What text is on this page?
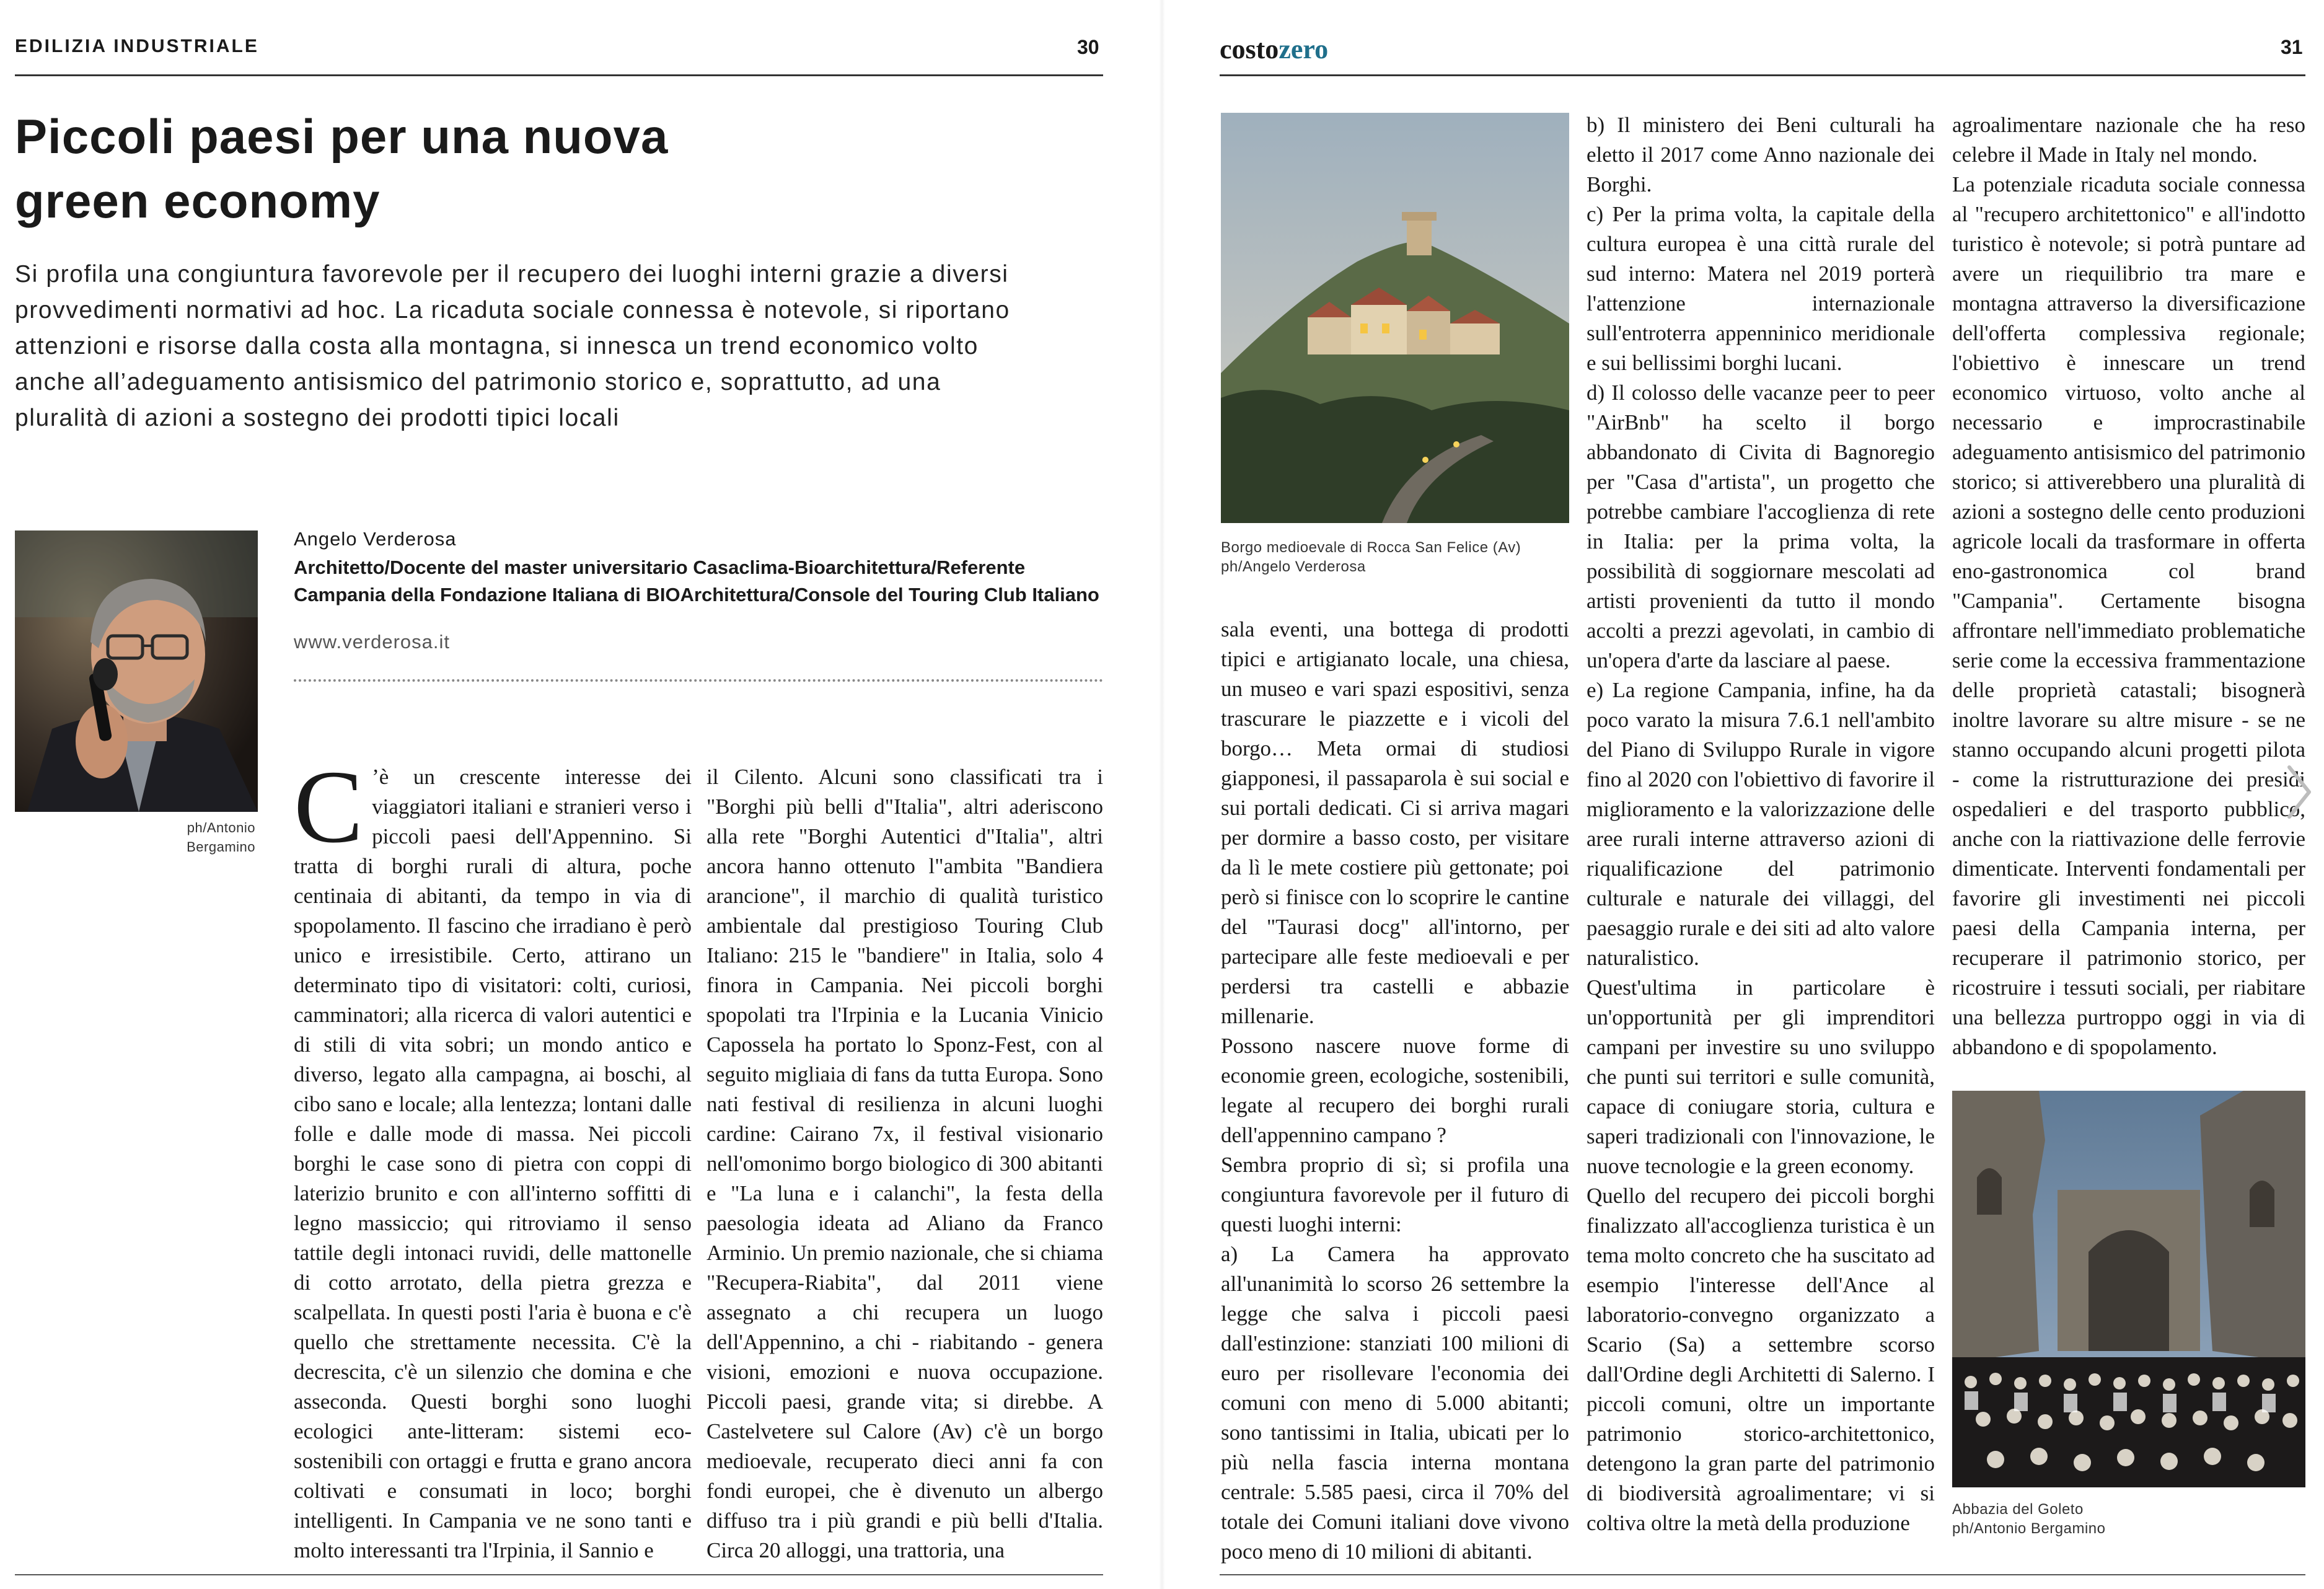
EDILIZIA INDUSTRIALE	30
Piccoli paesi per una nuova
green economy
Si profila una congiuntura favorevole per il recupero dei luoghi interni grazie a diversi provvedimenti normativi ad hoc. La ricaduta sociale connessa è notevole, si riportano attenzioni e risorse dalla costa alla montagna, si innesca un trend economico volto anche all’adeguamento antisismico del patrimonio storico e, soprattutto, ad una pluralità di azioni a sostegno dei prodotti tipici locali
ph/Antonio Bergamino
Angelo Verderosa
Architetto/Docente del master universitario Casaclima-Bioarchitettura/Referente Campania della Fondazione Italiana di BIOArchitettura/Console del Touring Club Italiano
www.verderosa.it
C ’è un crescente interesse dei viaggiatori italiani e stranieri verso i piccoli paesi dell'Appennino. Si tratta di borghi rurali di altura, poche centinaia di abitanti, da tempo in via di spopolamento. Il fascino che irradiano è però unico e irresistibile. Certo, attirano un determinato tipo di visitatori: colti, curiosi, camminatori; alla ricerca di valori autentici e di stili di vita sobri; un mondo antico e diverso, legato alla campagna, ai boschi, al cibo sano e locale; alla lentezza; lontani dalle folle e dalle mode di massa. Nei piccoli borghi le case sono di pietra con coppi di laterizio brunito e con all'interno soffitti di legno massiccio; qui ritroviamo il senso tattile degli intonaci ruvidi, delle mattonelle di cotto arrotato, della pietra grezza e scalpellata. In questi posti l'aria è buona e c'è quello che strettamente necessita. C'è la decrescita, c'è un silenzio che domina e che asseconda. Questi borghi sono luoghi ecologici ante-litteram: sistemi eco-sostenibili con ortaggi e frutta e grano ancora coltivati e consumati in loco; borghi intelligenti. In Campania ve ne sono tanti e molto interessanti tra l'Irpinia, il Sannio e
il Cilento. Alcuni sono classificati tra i "Borghi più belli d"Italia", altri aderiscono alla rete "Borghi Autentici d"Italia", altri ancora hanno ottenuto l"ambita "Bandiera arancione", il marchio di qualità turistico ambientale dal prestigioso Touring Club Italiano: 215 le "bandiere" in Italia, solo 4 finora in Campania. Nei piccoli borghi spopolati tra l'Irpinia e la Lucania Vinicio Capossela ha portato lo Sponz-Fest, con al seguito migliaia di fans da tutta Europa. Sono nati festival di resilienza in alcuni luoghi cardine: Cairano 7x, il festival visionario nell'omonimo borgo biologico di 300 abitanti e "La luna e i calanchi", la festa della paesologia ideata ad Aliano da Franco Arminio. Un premio nazionale, che si chiama "Recupera-Riabita", dal 2011 viene assegnato a chi recupera un luogo dell'Appennino, a chi - riabitando - genera visioni, emozioni e nuova occupazione. Piccoli paesi, grande vita; si direbbe. A Castelvetere sul Calore (Av) c'è un borgo medioevale, recuperato dieci anni fa con fondi europei, che è divenuto un albergo diffuso tra i più grandi e più belli d'Italia. Circa 20 alloggi, una trattoria, una
costozero	31
Borgo medioevale di Rocca San Felice (Av)
ph/Angelo Verderosa

sala eventi, una bottega di prodotti tipici e artigianato locale, una chiesa, un museo e vari spazi espositivi, senza trascurare le piazzette e i vicoli del borgo… Meta ormai di studiosi giapponesi, il passaparola è sui social e sui portali dedicati. Ci si arriva magari per dormire a basso costo, per visitare da lì le mete costiere più gettonate; poi però si finisce con lo scoprire le cantine del "Taurasi docg" all'intorno, per partecipare alle feste medioevali e per perdersi tra castelli e abbazie millenarie.

Possono nascere nuove forme di economie green, ecologiche, sostenibili, legate al recupero dei borghi rurali dell'appennino campano ?

Sembra proprio di sì; si profila una congiuntura favorevole per il futuro di questi luoghi interni:

a) La Camera ha approvato all'unanimità lo scorso 26 settembre la legge che salva i piccoli paesi dall'estinzione: stanziati 100 milioni di euro per risollevare l'economia dei comuni con meno di 5.000 abitanti; sono tantissimi in Italia, ubicati per lo più nella fascia interna montana centrale: 5.585 paesi, circa il 70% del totale dei Comuni italiani dove vivono poco meno di 10 milioni di abitanti.

b) Il ministero dei Beni culturali ha eletto il 2017 come Anno nazionale dei Borghi.

c) Per la prima volta, la capitale della cultura europea è una città rurale del sud interno: Matera nel 2019 porterà l'attenzione internazionale sull'entroterra appenninico meridionale e sui bellissimi borghi lucani.

d) Il colosso delle vacanze peer to peer "AirBnb" ha scelto il borgo abbandonato di Civita di Bagnoregio per "Casa d"artista", un progetto che potrebbe cambiare l'accoglienza di rete in Italia: per la prima volta, la possibilità di soggiornare mescolati ad artisti provenienti da tutto il mondo accolti a prezzi agevolati, in cambio di un'opera d'arte da lasciare al paese.

e) La regione Campania, infine, ha da poco varato la misura 7.6.1 nell'ambito del Piano di Sviluppo Rurale in vigore fino al 2020 con l'obiettivo di favorire il miglioramento e la valorizzazione delle aree rurali interne attraverso azioni di riqualificazione del patrimonio culturale e naturale dei villaggi, del paesaggio rurale e dei siti ad alto valore naturalistico.

Quest'ultima in particolare è un'opportunità per gli imprenditori campani per investire su uno sviluppo che punti sui territori e sulle comunità, capace di coniugare storia, cultura e saperi tradizionali con l'innovazione, le nuove tecnologie e la green economy.

Quello del recupero dei piccoli borghi finalizzato all'accoglienza turistica è un tema molto concreto che ha suscitato ad esempio l'interesse dell'Ance al laboratorio-convegno organizzato a Scario (Sa) a settembre scorso dall'Ordine degli Architetti di Salerno. I piccoli comuni, oltre un importante patrimonio storico-architettonico, detengono la gran parte del patrimonio di biodiversità agroalimentare; vi si coltiva oltre la metà della produzione

agroalimentare nazionale che ha reso celebre il Made in Italy nel mondo.

La potenziale ricaduta sociale connessa al "recupero architettonico" e all'indotto turistico è notevole; si potrà puntare ad avere un riequilibrio tra mare e montagna attraverso la diversificazione dell'offerta complessiva regionale; l'obiettivo è innescare un trend economico virtuoso, volto anche al necessario e improcrastinabile adeguamento antisismico del patrimonio storico; si attiverebbero una pluralità di azioni a sostegno delle cento produzioni agricole locali da trasformare in offerta eno-gastronomica col brand "Campania". Certamente bisogna affrontare nell'immediato problematiche serie come la eccessiva frammentazione delle proprietà catastali; bisognerà inoltre lavorare su altre misure - se ne stanno occupando alcuni progetti pilota - come la ristrutturazione dei presidi ospedalieri e del trasporto pubblico, anche con la riattivazione delle ferrovie dimenticate. Interventi fondamentali per favorire gli investimenti nei piccoli paesi della Campania interna, per recuperare il patrimonio storico, per ricostruire i tessuti sociali, per riabitare una bellezza purtroppo oggi in via di abbandono e di spopolamento.

Abbazia del Goleto
ph/Antonio Bergamino
